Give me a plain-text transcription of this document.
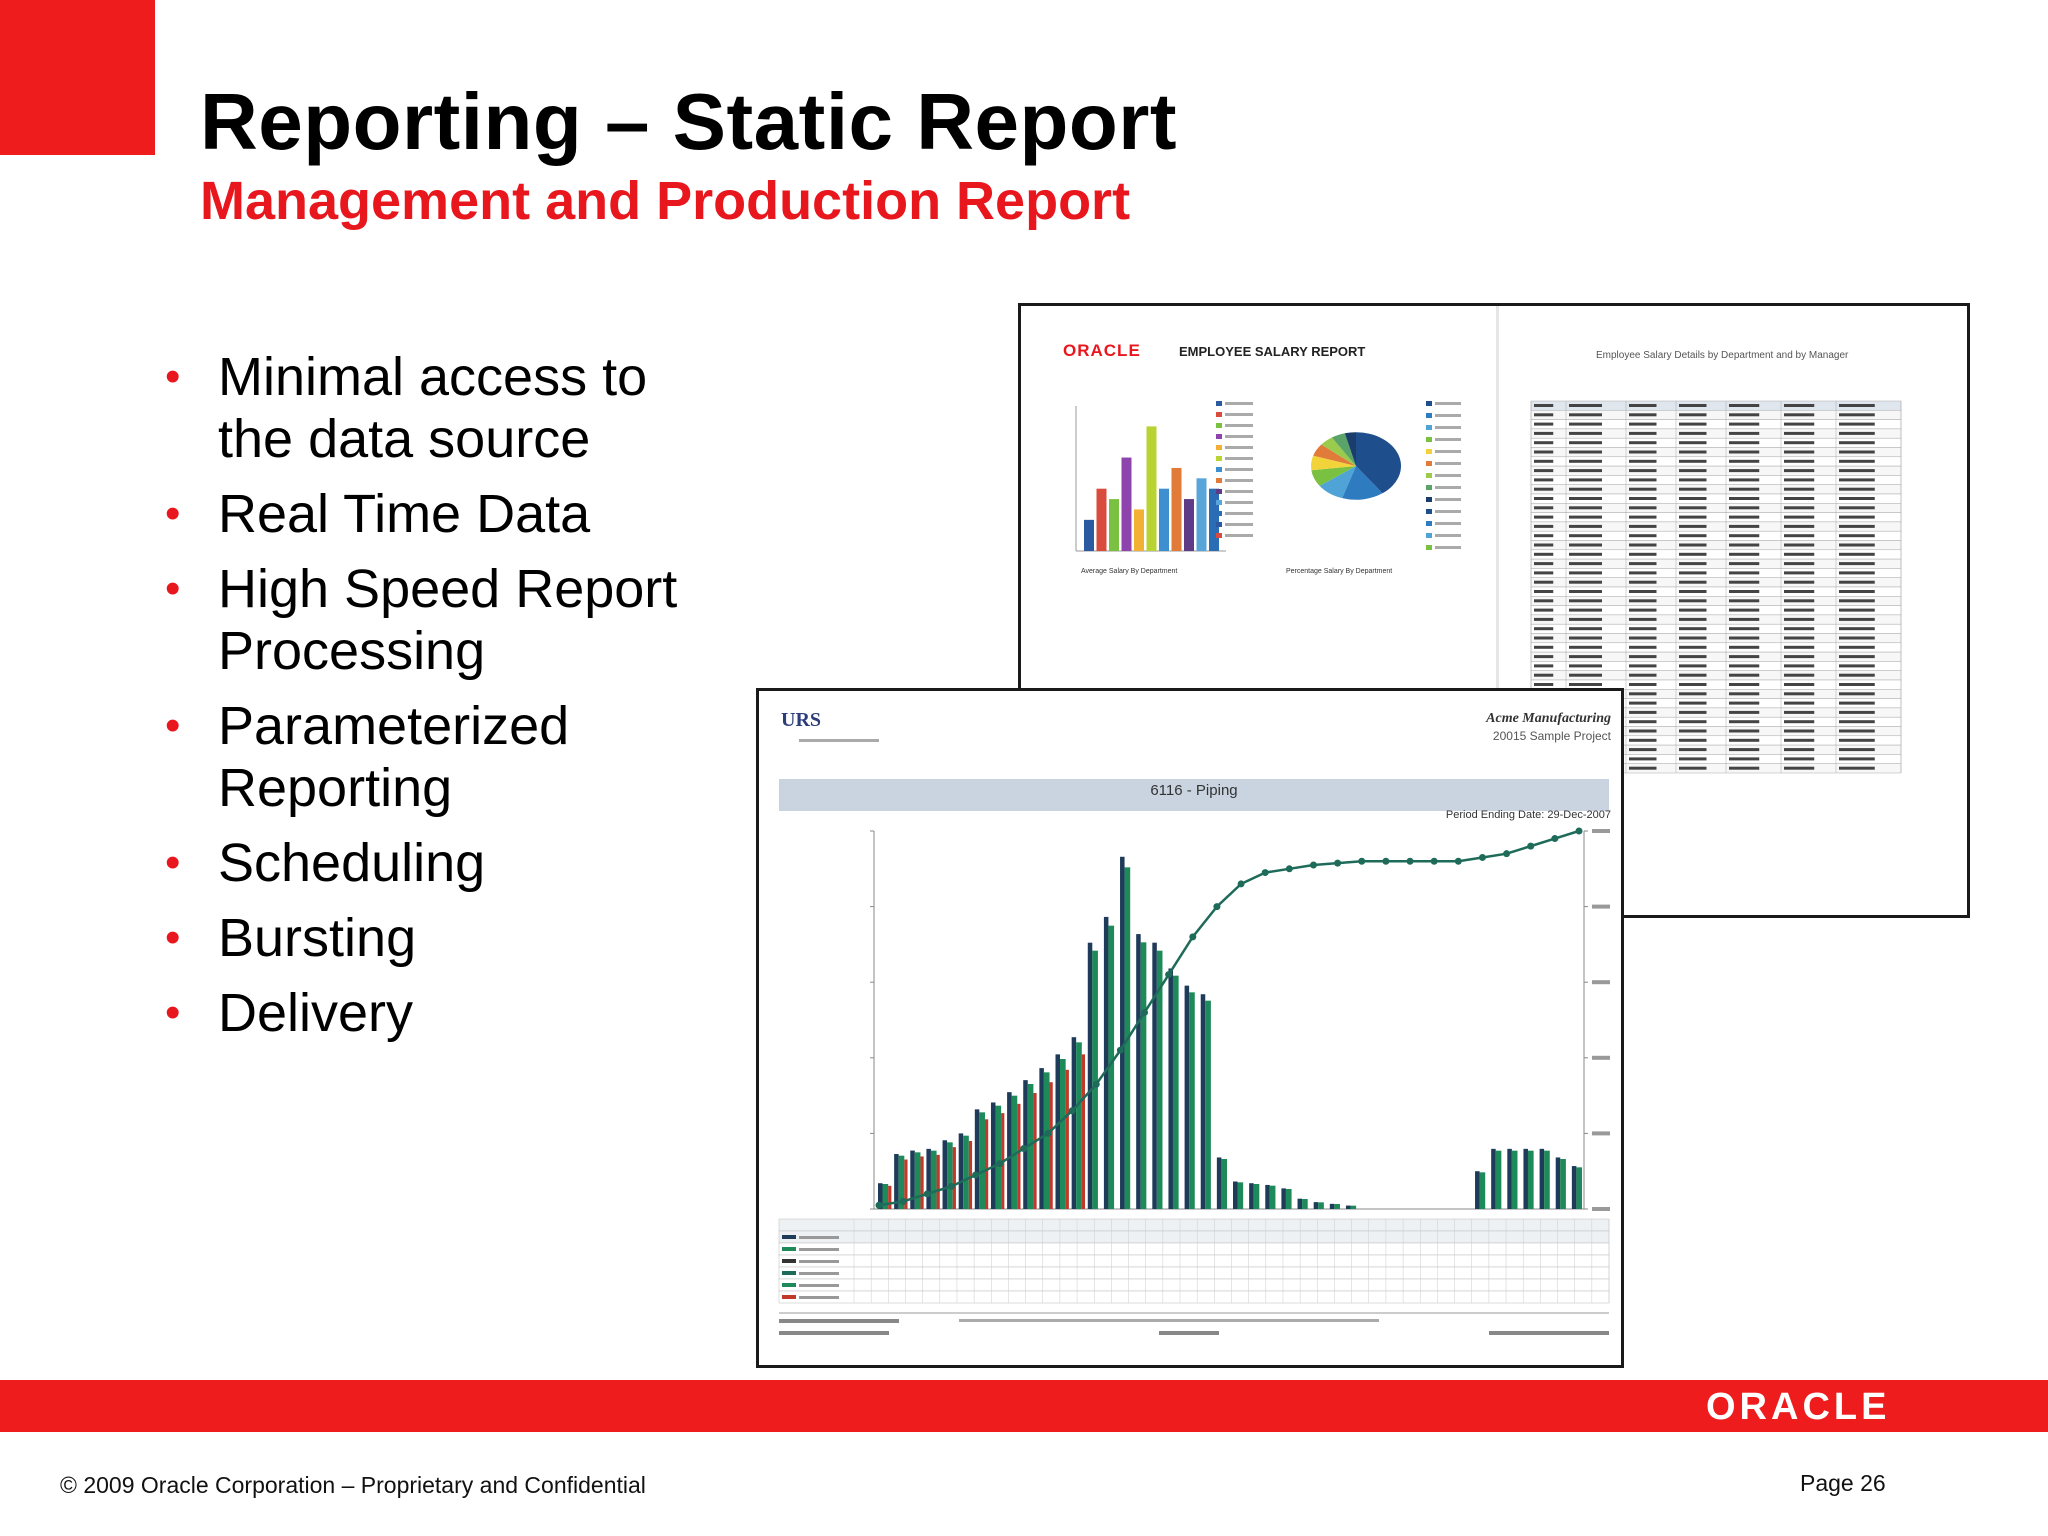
Reporting – Static Report
Management and Production Report
• Minimal access to the data source
• Real Time Data
• High Speed Report Processing
• Parameterized Reporting
• Scheduling
• Bursting
• Delivery
ORACLE	EMPLOYEE SALARY REPORT	Employee Salary Details by Department and by Manager
Average Salary By Department	Percentage Salary By Department
URS	Acme Manufacturing
20015 Sample Project
6116 - Piping
Period Ending Date: 29-Dec-2007
ORACLE
© 2009 Oracle Corporation – Proprietary and Confidential	Page 26
